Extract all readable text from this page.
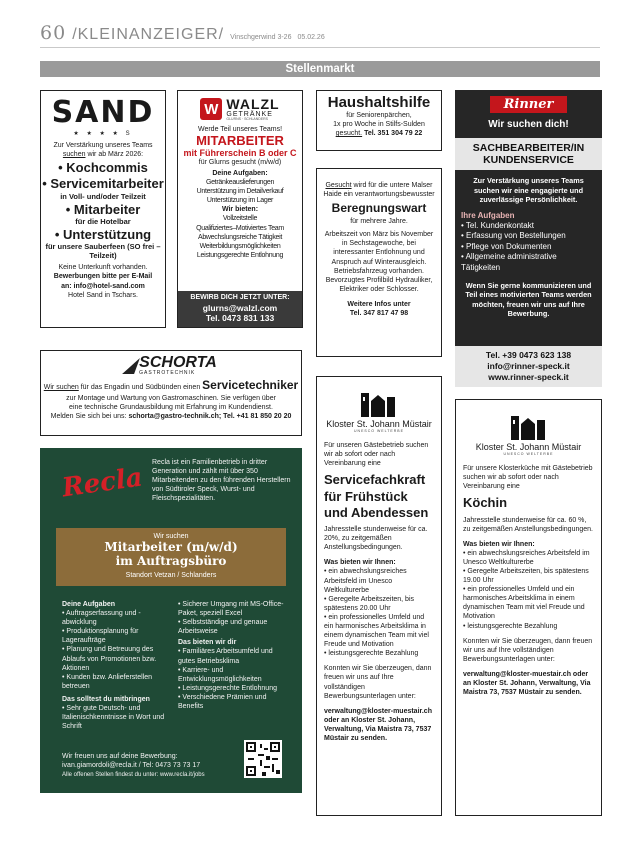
60 /KLEINANZEIGER/ Vinschgerwind 3-26 05.02.26
Stellenmarkt
SAND
★ ★ ★ ★ S
Zur Verstärkung unseres Teams
suchen wir ab März 2026:
• Kochcommis
• Servicemitarbeiter
in Voll- und/oder Teilzeit
• Mitarbeiter
für die Hotelbar
• Unterstützung
für unsere Sauberfeen (SO frei – Teilzeit)
Keine Unterkunft vorhanden.
Bewerbungen bitte per E-Mail
an: info@hotel-sand.com
Hotel Sand in Tschars.
W WALZL
GETRÄNKE
GLURNS · SCHLANDERS
Werde Teil unseres Teams!
MITARBEITER
mit Führerschein B oder C
für Glurns gesucht (m/w/d)
Deine Aufgaben:
Getränkeauslieferungen
Unterstützung im Detailverkauf
Unterstützung im Lager
Wir bieten:
Vollzeitstelle
Qualifiziertes–Motiviertes Team
Abwechslungsreiche Tätigkeit
Weiterbildungsmöglichkeiten
Leistungsgerechte Entlohnung
BEWIRB DICH JETZT UNTER:
glurns@walzl.com
Tel. 0473 831 133
Haushaltshilfe
für Seniorenpärchen,
1x pro Woche in Stilfs-Sulden
gesucht. Tel. 351 304 79 22
Gesucht wird für die untere Malser Haide ein verantwortungsbewusster
Beregnungswart
für mehrere Jahre.
Arbeitszeit von März bis November in Sechstagewoche, bei interessanter Entlohnung und Anspruch auf Winterausgleich. Betriebsfahrzeug vorhanden. Bevorzugtes Profilbild Hydrauliker, Elektriker oder Schlosser.
Weitere Infos unter
Tel. 347 817 47 98
Rinner
Wir suchen dich!
SACHBEARBEITER/IN
KUNDENSERVICE
Zur Verstärkung unseres Teams suchen wir eine engagierte und zuverlässige Persönlichkeit.
Ihre Aufgaben
• Tel. Kundenkontakt
• Erfassung von Bestellungen
• Pflege von Dokumenten
• Allgemeine administrative Tätigkeiten
Wenn Sie gerne kommunizieren und Teil eines motivierten Teams werden möchten, freuen wir uns auf Ihre Bewerbung.
Tel. +39 0473 623 138
info@rinner-speck.it
www.rinner-speck.it
SCHORTA
GASTROTECHNIK
Wir suchen für das Engadin und Südbünden einen Servicetechniker
zur Montage und Wartung von Gastromaschinen. Sie verfügen über eine technische Grundausbildung mit Erfahrung im Kundendienst.
Melden Sie sich bei uns: schorta@gastro-technik.ch; Tel. +41 81 850 20 20
Kloster St. Johann Müstair
UNESCO WELTERBE
Für unseren Gästebetrieb suchen wir ab sofort oder nach Vereinbarung eine
Servicefachkraft für Frühstück und Abendessen
Jahresstelle stundenweise für ca. 20%, zu zeitgemäßen Anstellungsbedingungen.
Was bieten wir Ihnen:
• ein abwechslungsreiches Arbeitsfeld im Unesco Weltkulturerbe
• Geregelte Arbeitszeiten, bis spätestens 20.00 Uhr
• ein professionelles Umfeld und ein harmonisches Arbeitsklima in einem dynamischen Team mit viel Freude und Motivation
• leistungsgerechte Bezahlung
Konnten wir Sie überzeugen, dann freuen wir uns auf Ihre vollständigen Bewerbungsunterlagen unter:
verwaltung@kloster-muestair.ch oder an Kloster St. Johann, Verwaltung, Via Maistra 73, 7537 Müstair zu senden.
Kloster St. Johann Müstair
UNESCO WELTERBE
Für unsere Klosterküche mit Gästebetrieb suchen wir ab sofort oder nach Vereinbarung eine
Köchin
Jahresstelle stundenweise für ca. 60 %, zu zeitgemäßen Anstellungsbedingungen.
Was bieten wir Ihnen:
• ein abwechslungsreiches Arbeitsfeld im Unesco Weltkulturerbe
• Geregelte Arbeitszeiten, bis spätestens 19.00 Uhr
• ein professionelles Umfeld und ein harmonisches Arbeitsklima in einem dynamischen Team mit viel Freude und Motivation
• leistungsgerechte Bezahlung
Konnten wir Sie überzeugen, dann freuen wir uns auf Ihre vollständigen Bewerbungsunterlagen unter:
verwaltung@kloster-muestair.ch oder an Kloster St. Johann, Verwaltung, Via Maistra 73, 7537 Müstair zu senden.
Recla
Recla ist ein Familienbetrieb in dritter Generation und zählt mit über 350 Mitarbeitenden zu den führenden Herstellern von Südtiroler Speck, Wurst- und Fleischspezialitäten.
Wir suchen
Mitarbeiter (m/w/d)
im Auftragsbüro
Standort Vetzan / Schlanders
Deine Aufgaben
• Auftragserfassung und -abwicklung
• Produktionsplanung für Lageraufträge
• Planung und Betreuung des Ablaufs von Promotionen bzw. Aktionen
• Kunden bzw. Anlieferstellen betreuen
Das solltest du mitbringen
• Sehr gute Deutsch- und Italienischkenntnisse in Wort und Schrift
• Sicherer Umgang mit MS-Office-Paket, speziell Excel
• Selbstständige und genaue Arbeitsweise
Das bieten wir dir
• Familiäres Arbeitsumfeld und gutes Betriebsklima
• Karriere- und Entwicklungsmöglichkeiten
• Leistungsgerechte Entlohnung
• Verschiedene Prämien und Benefits
Wir freuen uns auf deine Bewerbung:
ivan.giamordoli@recla.it / Tel: 0473 73 73 17
Alle offenen Stellen findest du unter: www.recla.it/jobs
